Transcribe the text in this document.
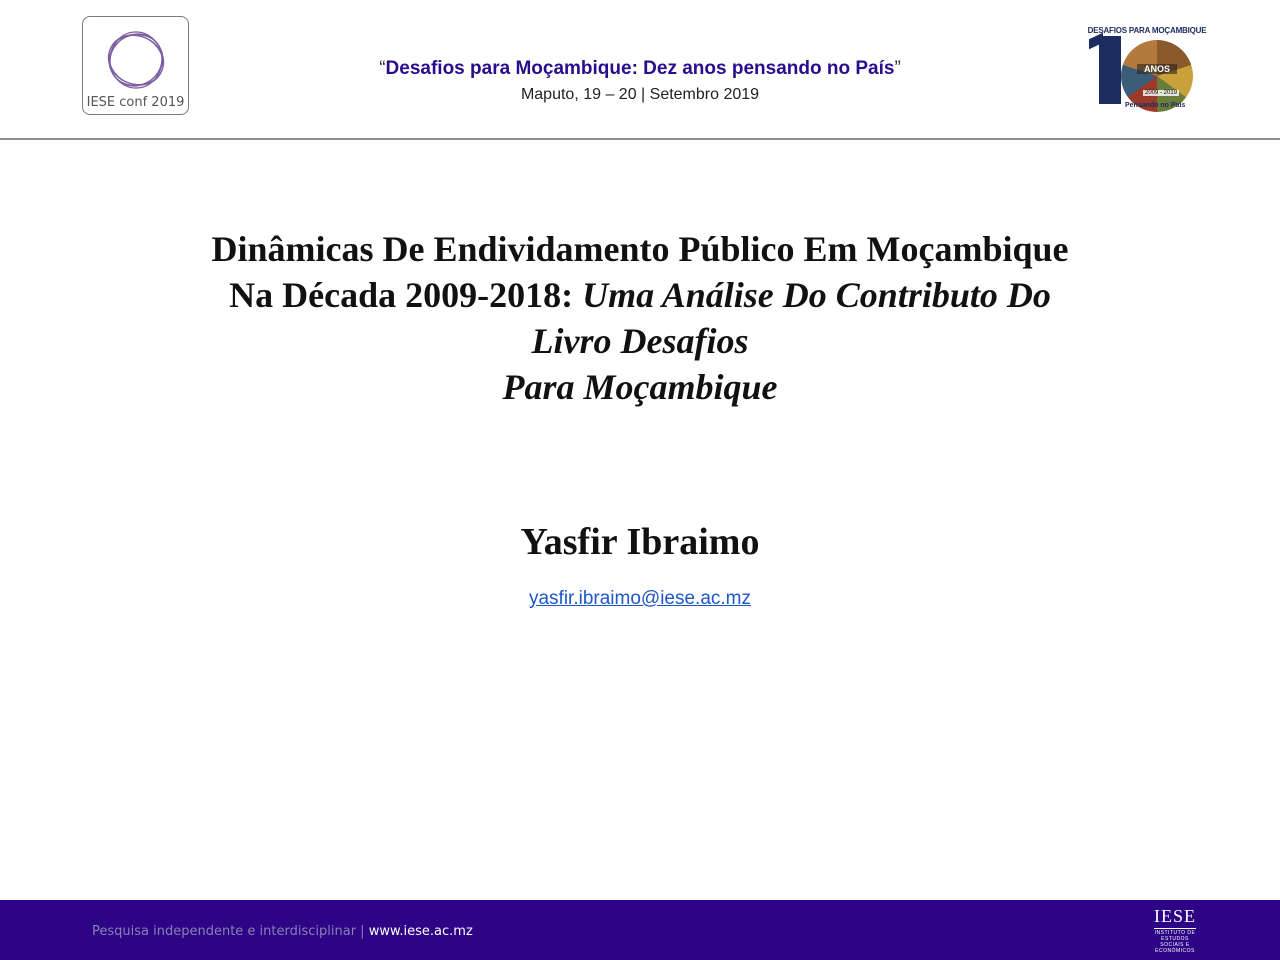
IESE conf 2019
“Desafios para Moçambique: Dez anos pensando no País”
Maputo, 19 – 20 | Setembro 2019
DESAFIOS PARA MOÇAMBIQUE
ANOS
2009 - 2019
Pensando no País
Dinâmicas De Endividamento Público Em Moçambique
Na Década 2009-2018: Uma Análise Do Contributo Do
Livro Desafios
Para Moçambique
Yasfir Ibraimo
yasfir.ibraimo@iese.ac.mz
Pesquisa independente e interdisciplinar | www.iese.ac.mz
IESE
INSTITUTO DE ESTUDOS SOCIAIS E ECONÓMICOS
